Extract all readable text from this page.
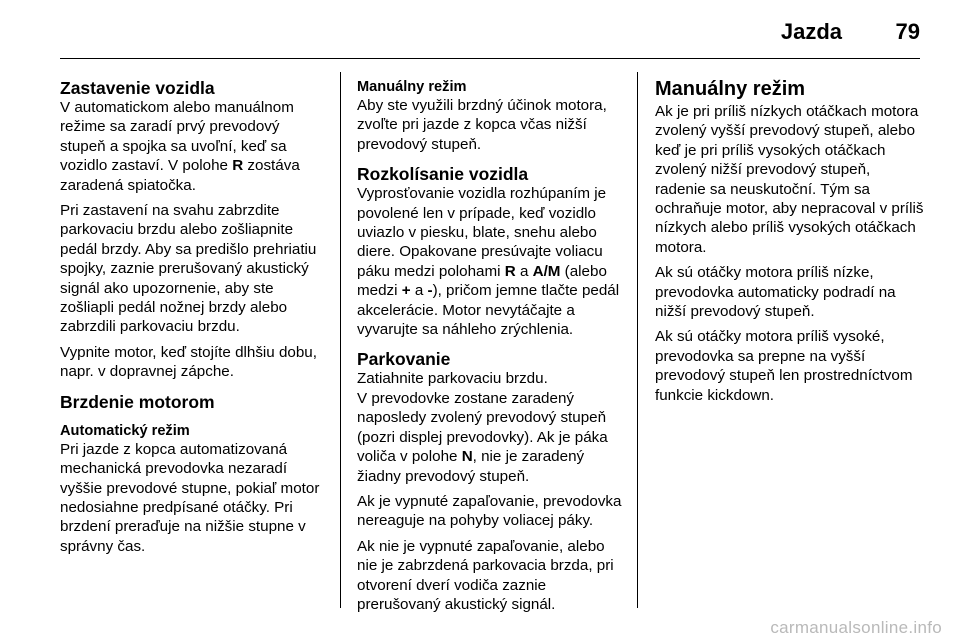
Jazda 79
Zastavenie vozidla

V automatickom alebo manuálnom režime sa zaradí prvý prevodový stupeň a spojka sa uvoľní, keď sa vozidlo zastaví. V polohe R zostáva zaradená spiatočka.

Pri zastavení na svahu zabrzdite parkovaciu brzdu alebo zošliapnite pedál brzdy. Aby sa predišlo prehriatiu spojky, zaznie prerušovaný akustický signál ako upozornenie, aby ste zošliapli pedál nožnej brzdy alebo zabrzdili parkovaciu brzdu.

Vypnite motor, keď stojíte dlhšiu dobu, napr. v dopravnej zápche.

Brzdenie motorom
Automatický režim

Pri jazde z kopca automatizovaná mechanická prevodovka nezaradí vyššie prevodové stupne, pokiaľ motor nedosiahne predpísané otáčky. Pri brzdení preraďuje na nižšie stupne v správny čas.

Manuálny režim

Aby ste využili brzdný účinok motora, zvoľte pri jazde z kopca včas nižší prevodový stupeň.

Rozkolísanie vozidla

Vyprosťovanie vozidla rozhúpaním je povolené len v prípade, keď vozidlo uviazlo v piesku, blate, snehu alebo diere. Opakovane presúvajte voliacu páku medzi polohami R a A/M (alebo medzi + a -), pričom jemne tlačte pedál akcelerácie. Motor nevytáčajte a vyvarujte sa náhleho zrýchlenia.

Parkovanie

Zatiahnite parkovaciu brzdu.

V prevodovke zostane zaradený naposledy zvolený prevodový stupeň (pozri displej prevodovky). Ak je páka voliča v polohe N, nie je zaradený žiadny prevodový stupeň.

Ak je vypnuté zapaľovanie, prevodovka nereaguje na pohyby voliacej páky.

Ak nie je vypnuté zapaľovanie, alebo nie je zabrzdená parkovacia brzda, pri otvorení dverí vodiča zaznie prerušovaný akustický signál.

Manuálny režim

Ak je pri príliš nízkych otáčkach motora zvolený vyšší prevodový stupeň, alebo keď je pri príliš vysokých otáčkach zvolený nižší prevodový stupeň, radenie sa neuskutoční. Tým sa ochraňuje motor, aby nepracoval v príliš nízkych alebo príliš vysokých otáčkach motora.

Ak sú otáčky motora príliš nízke, prevodovka automaticky podradí na nižší prevodový stupeň.

Ak sú otáčky motora príliš vysoké, prevodovka sa prepne na vyšší prevodový stupeň len prostredníctvom funkcie kickdown.

carmanualsonline.info
